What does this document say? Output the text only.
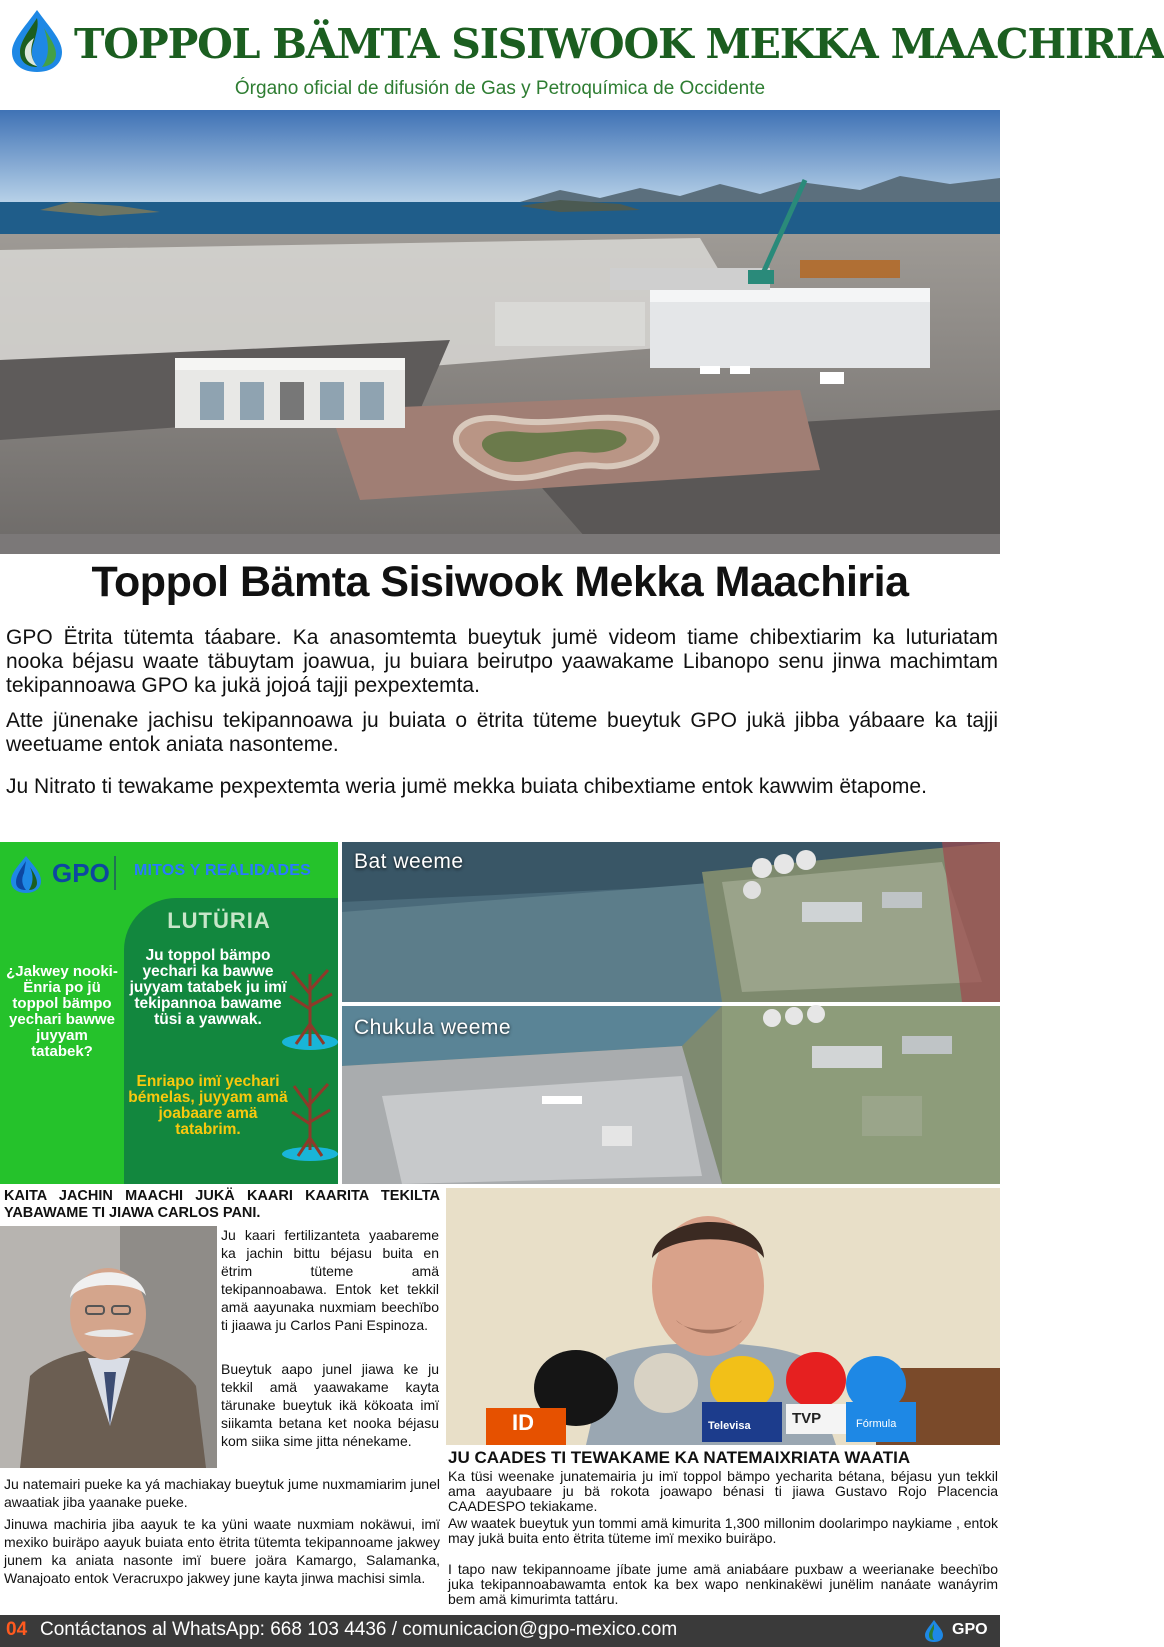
TOPPOL BÄMTA SISIWOOK MEKKA MAACHIRIA
Órgano oficial de difusión de Gas y Petroquímica de Occidente
Toppol Bämta Sisiwook Mekka Maachiria

GPO Ëtrita tütemta táabare. Ka anasomtemta bueytuk jumë videom tiame chibextiarim ka luturiatam nooka béjasu waate täbuytam joawua, ju buiara beirutpo yaawakame Libanopo senu jinwa machimtam tekipannoawa GPO ka jukä jojoá tajji pexpextemta.

Atte jünenake jachisu tekipannoawa ju buiata o ëtrita tüteme bueytuk GPO jukä jibba yábaare ka tajji weetuame entok aniata nasonteme.

Ju Nitrato ti tewakame pexpextemta weria jumë mekka buiata chibextiame entok kawwim ëtapome.

GPO MITOS Y REALIDADES
LUTÜRIA
¿Jakwey nooki-Ënria po jü toppol bämpo yechari bawwe juyyam tatabek?
Ju toppol bämpo yechari ka bawwe juyyam tatabek ju imï tekipannoa bawame tüsi a yawwak.
Enriapo imï yechari bémelas, juyyam amä joabaare amä tatabrim.
Bat weeme
Chukula weeme
KAITA JACHIN MAACHI JUKÄ KAARI KAARITA TEKILTA YABAWAME TI JIAWA CARLOS PANI.

Ju kaari fertilizanteta yaabareme ka jachin bittu béjasu buita en ëtrim tüteme amä tekipannoabawa. Entok ket tekkil amä aayunaka nuxmiam beechïbo ti jiaawa ju Carlos Pani Espinoza.

Bueytuk aapo junel jiawa ke ju tekkil amä yaawakame kayta tärunake bueytuk ikä kökoata imï siikamta betana ket nooka béjasu kom siika sime jitta nénekame.

Ju natemairi pueke ka yá machiakay bueytuk jume nuxmamiarim junel awaatiak jiba yaanake pueke.

Jinuwa machiria jiba aayuk te ka yüni waate nuxmiam nokäwui, imï mexiko buiräpo aayuk buiata ento ëtrita tütemta tekipannoame jakwey junem ka aniata nasonte imï buere joära Kamargo, Salamanka, Wanajoato entok Veracruxpo jakwey june kayta jinwa machisi simla.

TVP
Televisa	Fórmula
ID
JU CAADES TI TEWAKAME KA NATEMAIXRIATA WAATIA

Ka tüsi weenake junatemairia ju imï toppol bämpo yecharita bétana, béjasu yun tekkil ama aayubaare ju bä rokota joawapo bénasi ti jiawa Gustavo Rojo Placencia CAADESPO tekiakame.

Aw waatek bueytuk yun tommi amä kimurita 1,300 millonim doolarimpo naykiame , entok may jukä buita ento ëtrita tüteme imï mexiko buiräpo.

I tapo naw tekipannoame jíbate jume amä aniabáare puxbaw a weerianake beechïbo juka tekipannoabawamta entok ka bex wapo nenkinakëwi junëlim nanáate wanáyrim bem amä kimurimta tattáru.

04 Contáctanos al WhatsApp: 668 103 4436 / comunicacion@gpo-mexico.com	GPO
